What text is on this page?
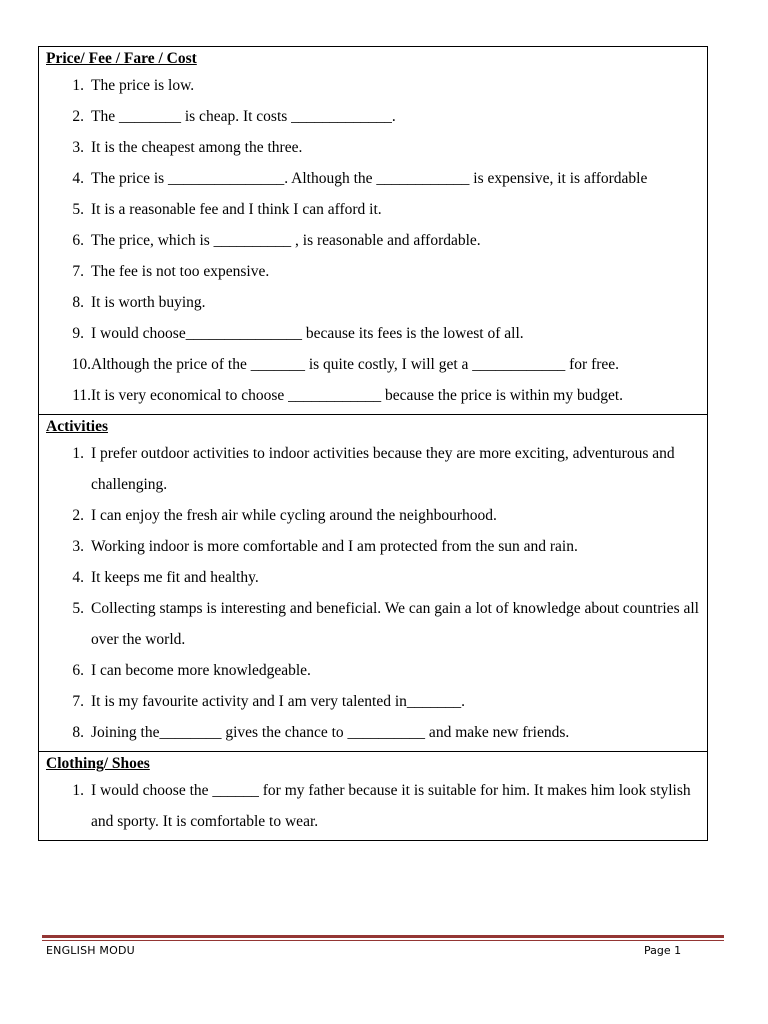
Price/ Fee / Fare / Cost
1. The price is low.
2. The ________ is cheap. It costs _____________.
3. It is the cheapest among the three.
4. The price is _______________. Although the ____________ is expensive, it is affordable
5. It is a reasonable fee and I think I can afford it.
6. The price, which is __________ , is reasonable and affordable.
7. The fee is not too expensive.
8. It is worth buying.
9. I would choose_______________ because its fees is the lowest of all.
10. Although the price of the _______ is quite costly, I will get a ____________ for free.
11. It is very economical to choose ____________ because the price is within my budget.
Activities
1. I prefer outdoor activities to indoor activities because they are more exciting, adventurous and challenging.
2. I can enjoy the fresh air while cycling around the neighbourhood.
3. Working indoor is more comfortable and I am protected from the sun and rain.
4. It keeps me fit and healthy.
5. Collecting stamps is interesting and beneficial. We can gain a lot of knowledge about countries all over the world.
6. I can become more knowledgeable.
7. It is my favourite activity and I am very talented in_______.
8. Joining the________ gives the chance to __________ and make new friends.
Clothing/ Shoes
1. I would choose the ______ for my father because it is suitable for him. It makes him look stylish and sporty. It is comfortable to wear.
ENGLISH MODU	Page 1
